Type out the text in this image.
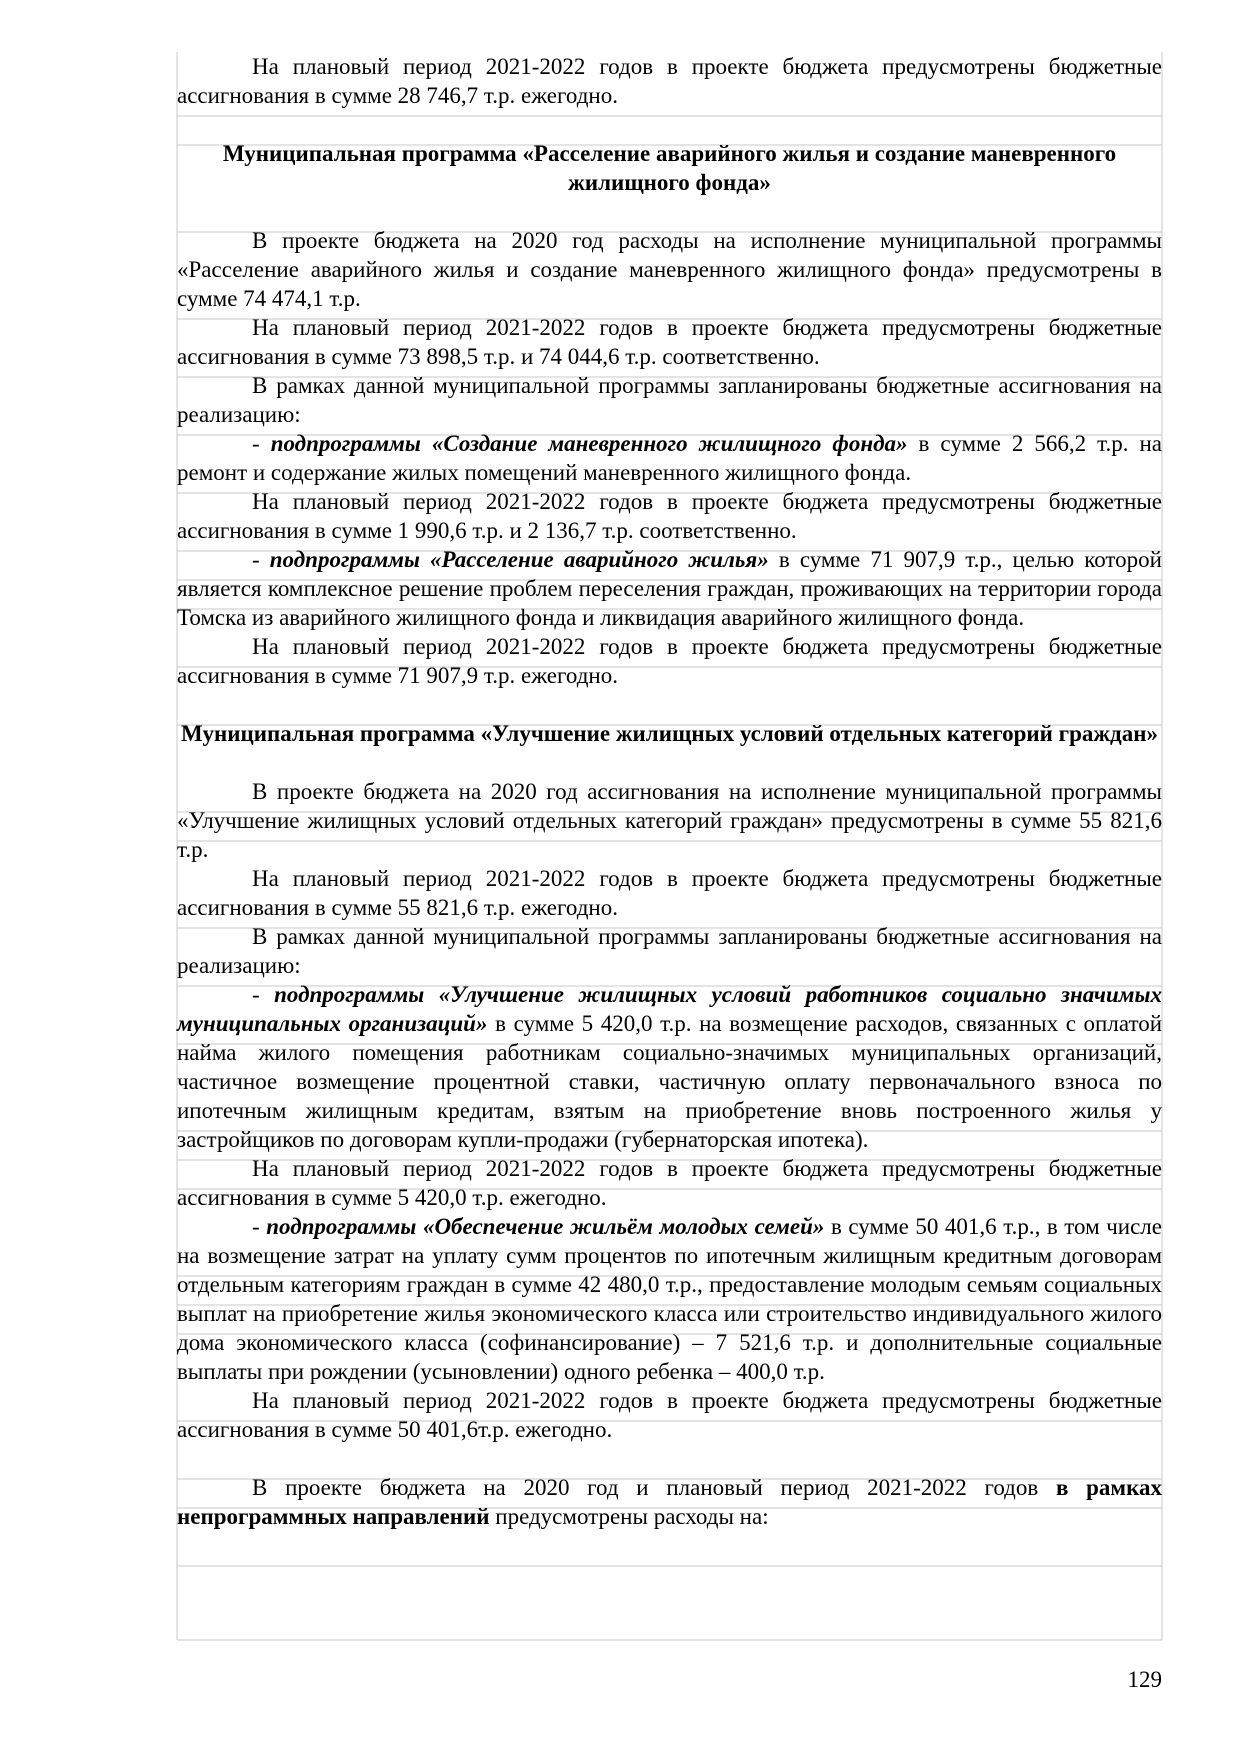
На плановый период 2021-2022 годов в проекте бюджета предусмотрены бюджетные ассигнования в сумме 28 746,7 т.р. ежегодно.

Муниципальная программа «Расселение аварийного жилья и создание маневренного жилищного фонда»

В проекте бюджета на 2020 год расходы на исполнение муниципальной программы «Расселение аварийного жилья и создание маневренного жилищного фонда» предусмотрены в сумме 74 474,1 т.р.

На плановый период 2021-2022 годов в проекте бюджета предусмотрены бюджетные ассигнования в сумме 73 898,5 т.р. и 74 044,6 т.р. соответственно.

В рамках данной муниципальной программы запланированы бюджетные ассигнования на реализацию:

- подпрограммы «Создание маневренного жилищного фонда» в сумме 2 566,2 т.р. на ремонт и содержание жилых помещений маневренного жилищного фонда.

На плановый период 2021-2022 годов в проекте бюджета предусмотрены бюджетные ассигнования в сумме 1 990,6 т.р. и 2 136,7 т.р. соответственно.

- подпрограммы «Расселение аварийного жилья» в сумме 71 907,9 т.р., целью которой является комплексное решение проблем переселения граждан, проживающих на территории города Томска из аварийного жилищного фонда и ликвидация аварийного жилищного фонда.

На плановый период 2021-2022 годов в проекте бюджета предусмотрены бюджетные ассигнования в сумме 71 907,9 т.р. ежегодно.

Муниципальная программа «Улучшение жилищных условий отдельных категорий граждан»

В проекте бюджета на 2020 год ассигнования на исполнение муниципальной программы «Улучшение жилищных условий отдельных категорий граждан» предусмотрены в сумме 55 821,6 т.р.

На плановый период 2021-2022 годов в проекте бюджета предусмотрены бюджетные ассигнования в сумме 55 821,6 т.р. ежегодно.

В рамках данной муниципальной программы запланированы бюджетные ассигнования на реализацию:

- подпрограммы «Улучшение жилищных условий работников социально значимых муниципальных организаций» в сумме 5 420,0 т.р. на возмещение расходов, связанных с оплатой найма жилого помещения работникам социально-значимых муниципальных организаций, частичное возмещение процентной ставки, частичную оплату первоначального взноса по ипотечным жилищным кредитам, взятым на приобретение вновь построенного жилья у застройщиков по договорам купли-продажи (губернаторская ипотека).

На плановый период 2021-2022 годов в проекте бюджета предусмотрены бюджетные ассигнования в сумме 5 420,0 т.р. ежегодно.

- подпрограммы «Обеспечение жильём молодых семей» в сумме 50 401,6 т.р., в том числе на возмещение затрат на уплату сумм процентов по ипотечным жилищным кредитным договорам отдельным категориям граждан в сумме 42 480,0 т.р., предоставление молодым семьям социальных выплат на приобретение жилья экономического класса или строительство индивидуального жилого дома экономического класса (софинансирование) – 7 521,6 т.р. и дополнительные социальные выплаты при рождении (усыновлении) одного ребенка – 400,0 т.р.

На плановый период 2021-2022 годов в проекте бюджета предусмотрены бюджетные ассигнования в сумме 50 401,6т.р. ежегодно.

В проекте бюджета на 2020 год и плановый период 2021-2022 годов в рамках непрограммных направлений предусмотрены расходы на:

129
